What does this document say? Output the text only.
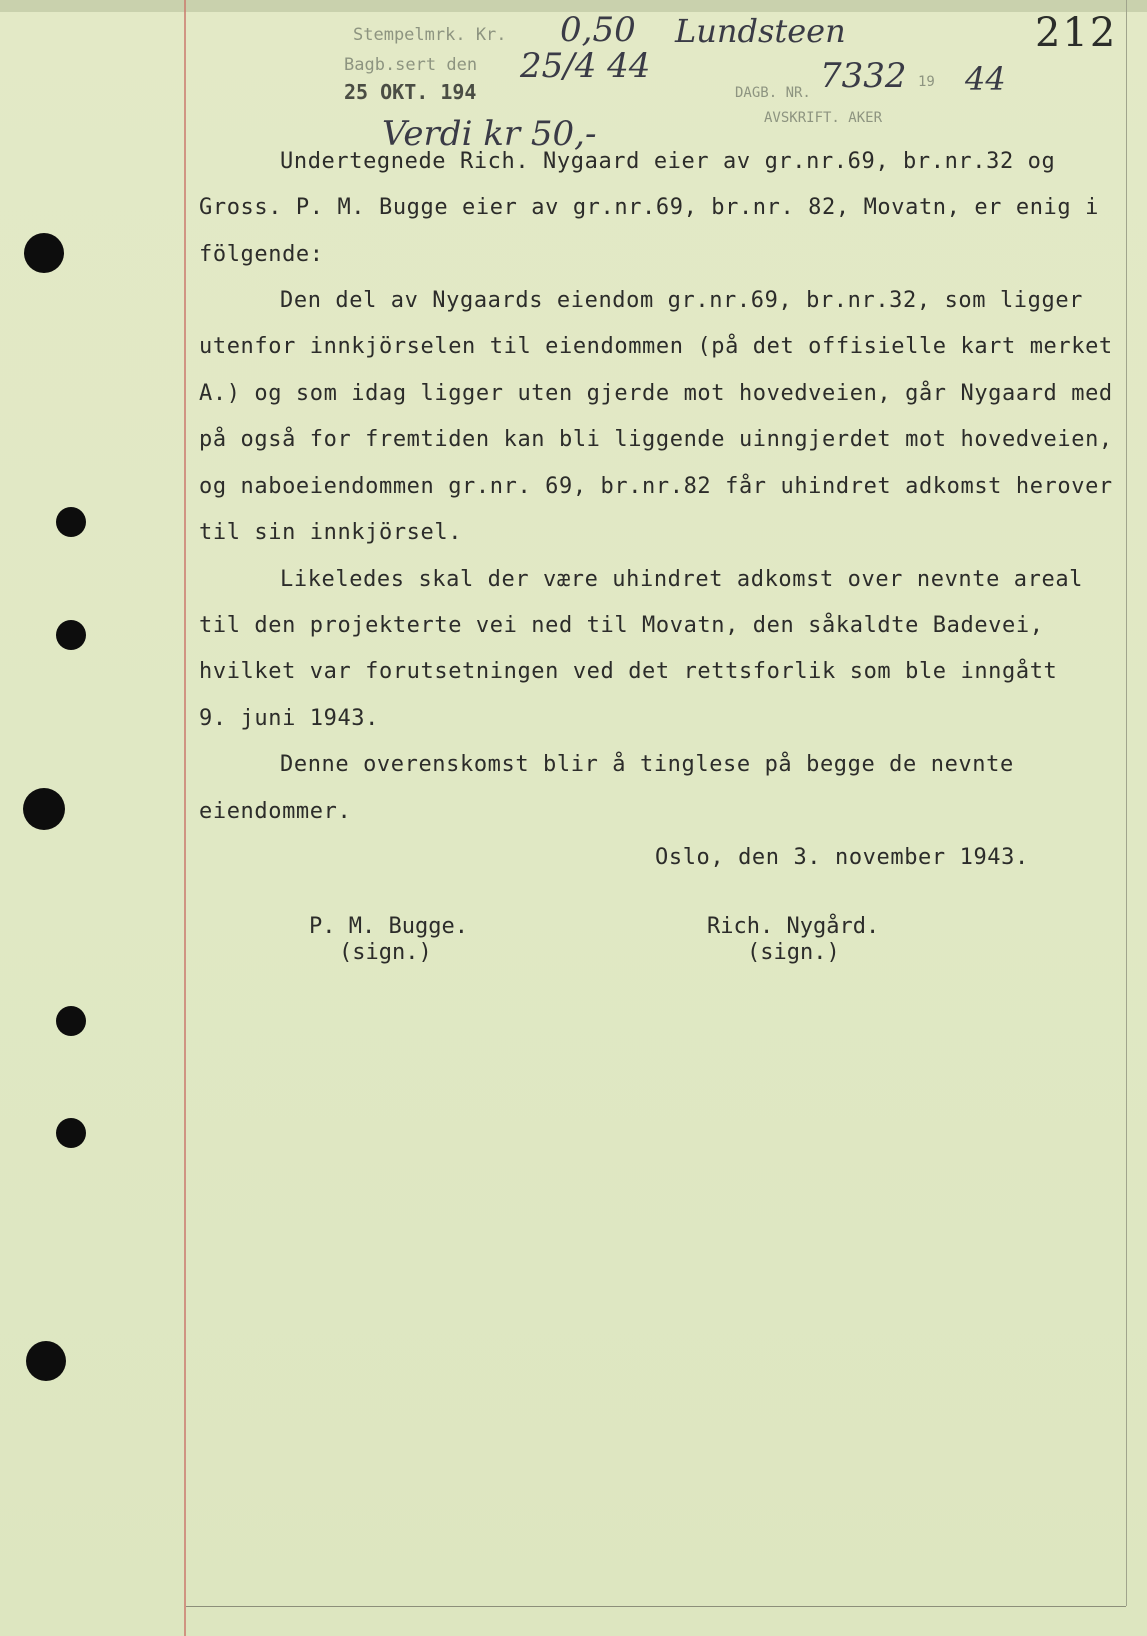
212
Stempelmrk. Kr.
Bagb.sert den
25 OKT. 194	DAGB. NR.
19
AVSKRIFT. AKER
0,50 Lundsteen
25/4 44	7332 44
Verdi kr 50,-
Undertegnede Rich. Nygaard eier av gr.nr.69, br.nr.32 og
Gross. P. M. Bugge eier av gr.nr.69, br.nr. 82, Movatn, er enig i
fölgende:
Den del av Nygaards eiendom gr.nr.69, br.nr.32, som ligger
utenfor innkjörselen til eiendommen (på det offisielle kart merket
A.) og som idag ligger uten gjerde mot hovedveien, går Nygaard med
på også for fremtiden kan bli liggende uinngjerdet mot hovedveien,
og naboeiendommen gr.nr. 69, br.nr.82 får uhindret adkomst herover
til sin innkjörsel.
Likeledes skal der være uhindret adkomst over nevnte areal
til den projekterte vei ned til Movatn, den såkaldte Badevei,
hvilket var forutsetningen ved det rettsforlik som ble inngått
9. juni 1943.
Denne overenskomst blir å tinglese på begge de nevnte
eiendommer.
Oslo, den 3. november 1943.
P. M. Bugge.
(sign.)
Rich. Nygård.
(sign.)
